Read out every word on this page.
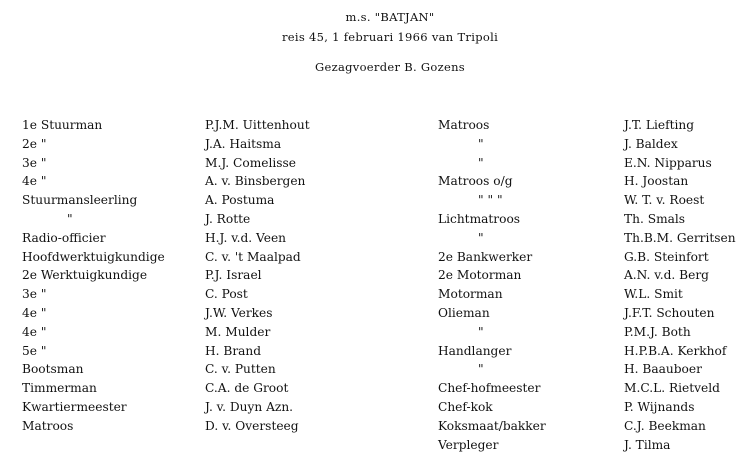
m.s. "BATJAN"
reis 45, 1 februari 1966 van Tripoli
Gezagvoerder B. Gozens
1e Stuurman
2e "
3e "
4e "
Stuurmansleerling
"
Radio-officier
Hoofdwerktuigkundige
2e Werktuigkundige
3e "
4e "
4e "
5e "
Bootsman
Timmerman
Kwartiermeester
Matroos
P.J.M. Uittenhout
J.A. Haitsma
M.J. Comelisse
A. v. Binsbergen
A. Postuma
J. Rotte
H.J. v.d. Veen
C. v. 't Maalpad
P.J. Israel
C. Post
J.W. Verkes
M. Mulder
H. Brand
C. v. Putten
C.A. de Groot
J. v. Duyn Azn.
D. v. Oversteeg
Matroos
"
"
Matroos o/g
" " "
Lichtmatroos
"
2e Bankwerker
2e Motorman
Motorman
Olieman
"
Handlanger
"
Chef-hofmeester
Chef-kok
Koksmaat/bakker
Verpleger
J.T. Liefting
J. Baldex
E.N. Nipparus
H. Joostan
W. T. v. Roest
Th. Smals
Th.B.M. Gerritsen
G.B. Steinfort
A.N. v.d. Berg
W.L. Smit
J.F.T. Schouten
P.M.J. Both
H.P.B.A. Kerkhof
H. Baauboer
M.C.L. Rietveld
P. Wijnands
C.J. Beekman
J. Tilma
